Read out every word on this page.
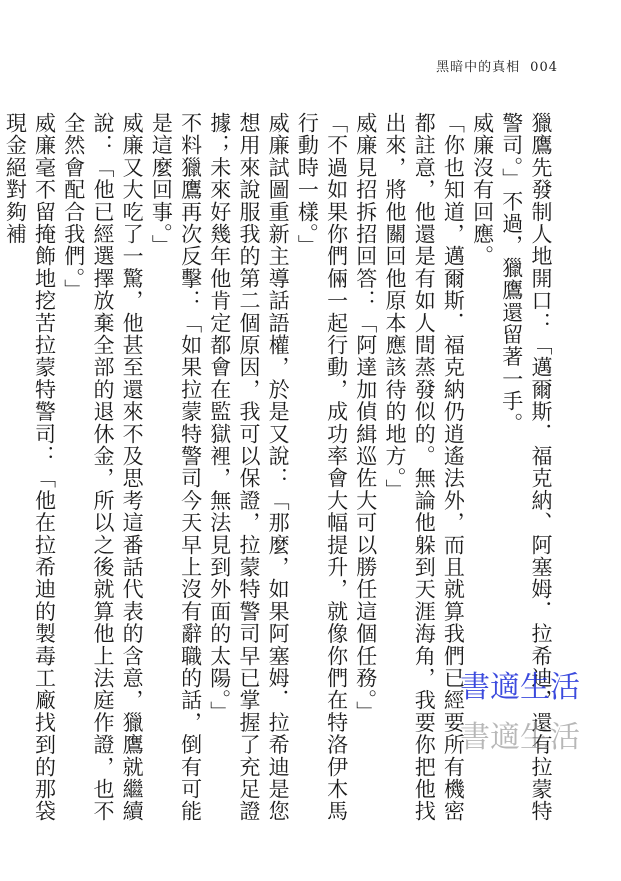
黑暗中的真相 004

獵鷹先發制人地開口：「邁爾斯．福克納、阿塞姆．拉希迪，還有拉蒙特警司。」不過，獵鷹還留著一手。

威廉沒有回應。

「你也知道，邁爾斯．福克納仍逍遙法外，而且就算我們已經要所有機密都註意，他還是有如人間蒸發似的。無論他躲到天涯海角，我要你把他找出來，將他關回他原本應該待的地方。」

威廉見招拆招回答：「阿達加偵緝巡佐大可以勝任這個任務。」

「不過如果你們倆一起行動，成功率會大幅提升，就像你們在特洛伊木馬行動時一樣。」

威廉試圖重新主導話語權，於是又說：「那麼，如果阿塞姆．拉希迪是您想用來說服我的第二個原因，我可以保證，拉蒙特警司早已掌握了充足證據；未來好幾年他肯定都會在監獄裡，無法見到外面的太陽。」

不料獵鷹再次反擊：「如果拉蒙特警司今天早上沒有辭職的話，倒有可能是這麼回事。」

威廉又大吃了一驚，他甚至還來不及思考這番話代表的含意，獵鷹就繼續說：「他已經選擇放棄全部的退休金，所以之後就算他上法庭作證，也不全然會配合我們。」

威廉毫不留掩飾地挖苦拉蒙特警司：「他在拉希迪的製毒工廠找到的那袋現金絕對夠補

書適生活
書適生活
